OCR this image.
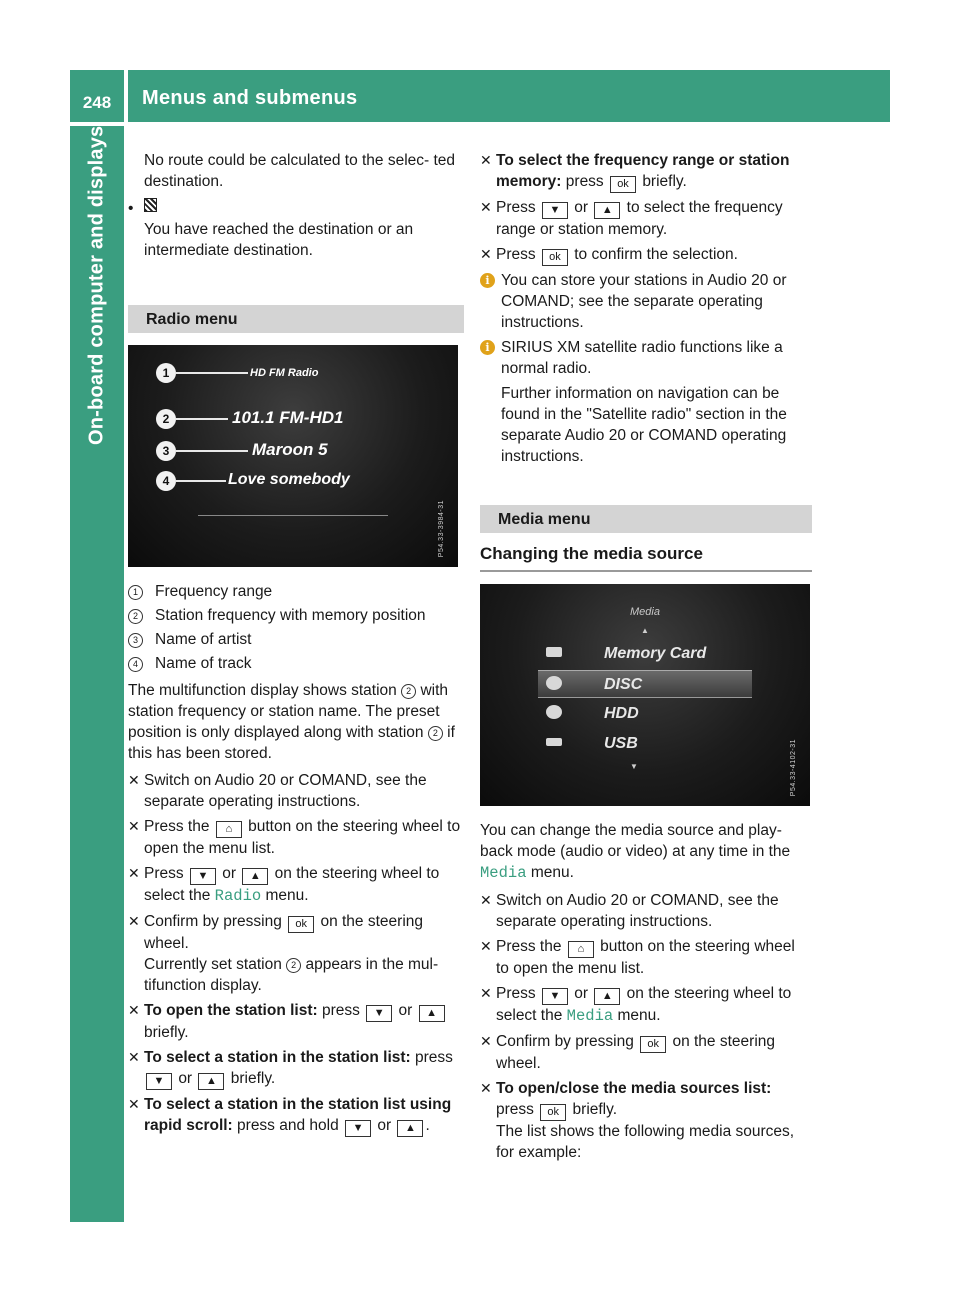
On-board computer and displays
Menus and submenus
248

No route could be calculated to the selec- ted destination.

•

You have reached the destination or an intermediate destination.

Radio menu
1	HD FM Radio
2	101.1 FM-HD1
3	Maroon 5
4	Love somebody
P54.33-3984-31
1	Frequency range
2	Station frequency with memory position
3	Name of artist
4	Name of track

The multifunction display shows station 2 with station frequency or station name. The preset position is only displayed along with station 2 if this has been stored.

✕ Switch on Audio 20 or COMAND, see the separate operating instructions.
✕ Press the ⌂ button on the steering wheel to open the menu list.
✕ Press ▼ or ▲ on the steering wheel to select the Radio menu.
✕ Confirm by pressing ok on the steering wheel.
Currently set station 2 appears in the mul- tifunction display.
✕ To open the station list: press ▼ or ▲ briefly.
✕ To select a station in the station list: press ▼ or ▲ briefly.
✕ To select a station in the station list using rapid scroll: press and hold ▼ or ▲ .
✕ To select the frequency range or station memory: press ok briefly.
✕ Press ▼ or ▲ to select the frequency range or station memory.
✕ Press ok to confirm the selection.
i You can store your stations in Audio 20 or COMAND; see the separate operating instructions.
i SIRIUS XM satellite radio functions like a normal radio.

Further information on navigation can be found in the "Satellite radio" section in the separate Audio 20 or COMAND operating instructions.
Media menu
Changing the media source
Media
▲
Memory Card
DISC
HDD
USB
▼	P54.33-4102-31

You can change the media source and play- back mode (audio or video) at any time in the Media menu.

✕ Switch on Audio 20 or COMAND, see the separate operating instructions.
✕ Press the ⌂ button on the steering wheel to open the menu list.
✕ Press ▼ or ▲ on the steering wheel to select the Media menu.
✕ Confirm by pressing ok on the steering wheel.
✕ To open/close the media sources list:
press ok briefly.
The list shows the following media sources, for example:
